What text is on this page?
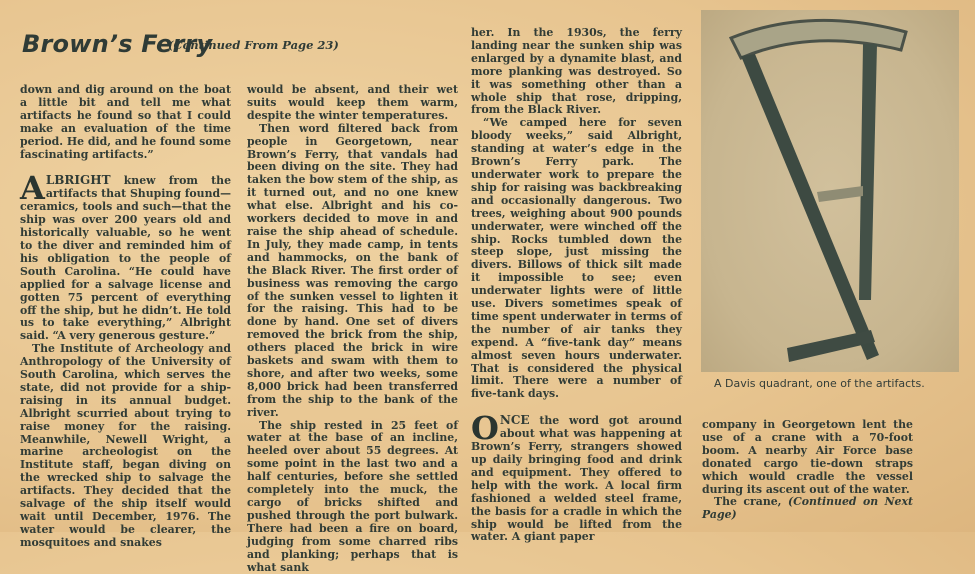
Brown’s Ferry
(Continued From Page 23)

down and dig around on the boat a little bit and tell me what artifacts he found so that I could make an evaluation of the time period. He did, and he found some fascinating artifacts.”

ALBRIGHT knew from the artifacts that Shuping found—ceramics, tools and such—that the ship was over 200 years old and historically valuable, so he went to the diver and reminded him of his obligation to the people of South Carolina. “He could have applied for a salvage license and gotten 75 percent of everything off the ship, but he didn’t. He told us to take everything,” Albright said. “A very generous gesture.”

The Institute of Archeology and Anthropology of the University of South Carolina, which serves the state, did not provide for a ship-raising in its annual budget. Albright scurried about trying to raise money for the raising. Meanwhile, Newell Wright, a marine archeologist on the Institute staff, began diving on the wrecked ship to salvage the artifacts. They decided that the salvage of the ship itself would wait until December, 1976. The water would be clearer, the mosquitoes and snakes

would be absent, and their wet suits would keep them warm, despite the winter temperatures.

Then word filtered back from people in Georgetown, near Brown’s Ferry, that vandals had been diving on the site. They had taken the bow stem of the ship, as it turned out, and no one knew what else. Albright and his co-workers decided to move in and raise the ship ahead of schedule. In July, they made camp, in tents and hammocks, on the bank of the Black River. The first order of business was removing the cargo of the sunken vessel to lighten it for the raising. This had to be done by hand. One set of divers removed the brick from the ship, others placed the brick in wire baskets and swam with them to shore, and after two weeks, some 8,000 brick had been transferred from the ship to the bank of the river.

The ship rested in 25 feet of water at the base of an incline, heeled over about 55 degrees. At some point in the last two and a half centuries, before she settled completely into the muck, the cargo of bricks shifted and pushed through the port bulwark. There had been a fire on board, judging from some charred ribs and planking; perhaps that is what sank

her. In the 1930s, the ferry landing near the sunken ship was enlarged by a dynamite blast, and more planking was destroyed. So it was something other than a whole ship that rose, dripping, from the Black River.

“We camped here for seven bloody weeks,” said Albright, standing at water’s edge in the Brown’s Ferry park. The underwater work to prepare the ship for raising was backbreaking and occasionally dangerous. Two trees, weighing about 900 pounds underwater, were winched off the ship. Rocks tumbled down the steep slope, just missing the divers. Billows of thick silt made it impossible to see; even underwater lights were of little use. Divers sometimes speak of time spent underwater in terms of the number of air tanks they expend. A “five-tank day” means almost seven hours underwater. That is considered the physical limit. There were a number of five-tank days.

ONCE the word got around about what was happening at Brown’s Ferry, strangers showed up daily bringing food and drink and equipment. They offered to help with the work. A local firm fashioned a welded steel frame, the basis for a cradle in which the ship would be lifted from the water. A giant paper

A Davis quadrant, one of the artifacts.

company in Georgetown lent the use of a crane with a 70-foot boom. A nearby Air Force base donated cargo tie-down straps which would cradle the vessel during its ascent out of the water.

The crane, (Continued on Next Page)
